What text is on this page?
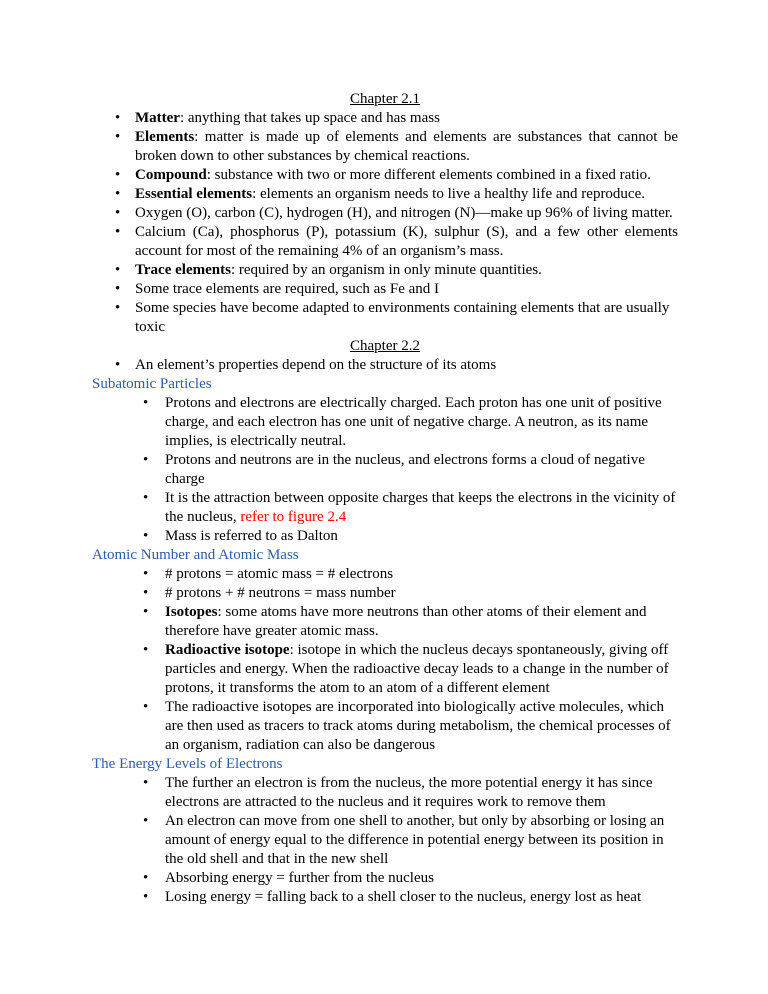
Chapter 2.1
• Matter: anything that takes up space and has mass
• Elements: matter is made up of elements and elements are substances that cannot be broken down to other substances by chemical reactions.
• Compound: substance with two or more different elements combined in a fixed ratio.
• Essential elements: elements an organism needs to live a healthy life and reproduce.
• Oxygen (O), carbon (C), hydrogen (H), and nitrogen (N)—make up 96% of living matter.
• Calcium (Ca), phosphorus (P), potassium (K), sulphur (S), and a few other elements account for most of the remaining 4% of an organism’s mass.
• Trace elements: required by an organism in only minute quantities.
• Some trace elements are required, such as Fe and I
• Some species have become adapted to environments containing elements that are usually toxic
Chapter 2.2
• An element’s properties depend on the structure of its atoms
Subatomic Particles
•	Protons and electrons are electrically charged. Each proton has one unit of positive charge, and each electron has one unit of negative charge. A neutron, as its name implies, is electrically neutral.
•	Protons and neutrons are in the nucleus, and electrons forms a cloud of negative charge
•	It is the attraction between opposite charges that keeps the electrons in the vicinity of the nucleus, refer to figure 2.4
•	Mass is referred to as Dalton
Atomic Number and Atomic Mass
•	# protons = atomic mass = # electrons
•	# protons + # neutrons = mass number
•	Isotopes: some atoms have more neutrons than other atoms of their element and therefore have greater atomic mass.
•	Radioactive isotope: isotope in which the nucleus decays spontaneously, giving off particles and energy. When the radioactive decay leads to a change in the number of protons, it transforms the atom to an atom of a different element
•	The radioactive isotopes are incorporated into biologically active molecules, which are then used as tracers to track atoms during metabolism, the chemical processes of an organism, radiation can also be dangerous
The Energy Levels of Electrons
•	The further an electron is from the nucleus, the more potential energy it has since electrons are attracted to the nucleus and it requires work to remove them
•	An electron can move from one shell to another, but only by absorbing or losing an amount of energy equal to the difference in potential energy between its position in the old shell and that in the new shell
•	Absorbing energy = further from the nucleus
•	Losing energy = falling back to a shell closer to the nucleus, energy lost as heat
